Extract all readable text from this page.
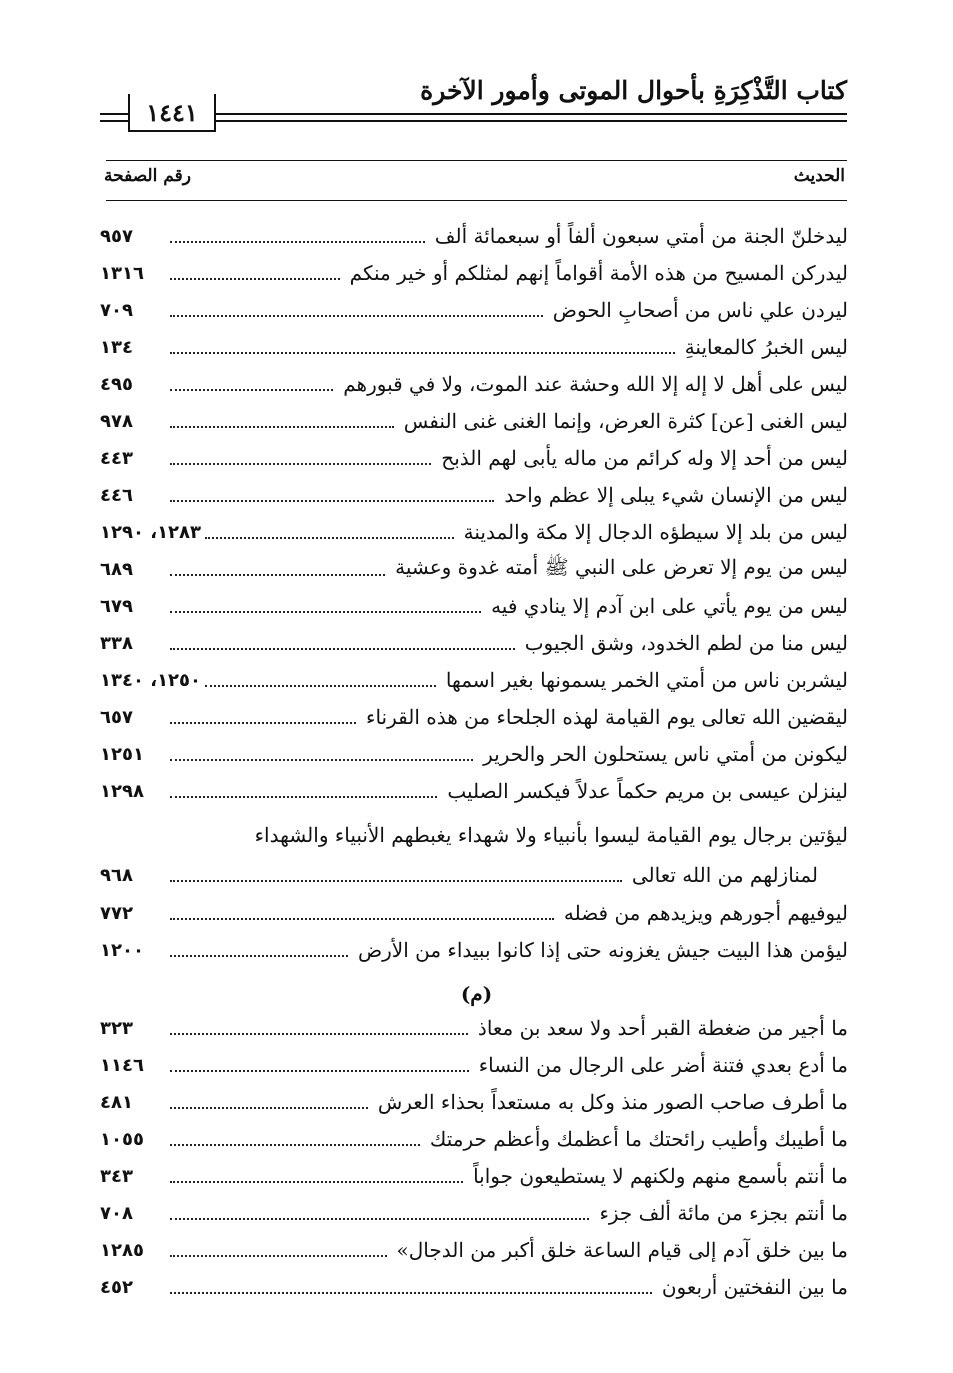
كتاب التَّذْكِرَةِ بأحوال الموتى وأمور الآخرة
١٤٤١
الحديث
رقم الصفحة
ليدخلنّ الجنة من أمتي سبعون ألفاً أو سبعمائة ألف
٩٥٧
ليدركن المسيح من هذه الأمة أقواماً إنهم لمثلكم أو خير منكم
١٣١٦
ليردن علي ناس من أصحابِ الحوض
٧٠٩
ليس الخبرُ كالمعاينةِ
١٣٤
ليس على أهل لا إله إلا الله وحشة عند الموت، ولا في قبورهم
٤٩٥
ليس الغنى [عن] كثرة العرض، وإنما الغنى غنى النفس
٩٧٨
ليس من أحد إلا وله كرائم من ماله يأبى لهم الذبح
٤٤٣
ليس من الإنسان شيء يبلى إلا عظم واحد
٤٤٦
ليس من بلد إلا سيطؤه الدجال إلا مكة والمدينة
١٢٨٣، ١٢٩٠
ليس من يوم إلا تعرض على النبي ﷺ أمته غدوة وعشية
٦٨٩
ليس من يوم يأتي على ابن آدم إلا ينادي فيه
٦٧٩
ليس منا من لطم الخدود، وشق الجيوب
٣٣٨
ليشربن ناس من أمتي الخمر يسمونها بغير اسمها
١٢٥٠، ١٣٤٠
ليقضين الله تعالى يوم القيامة لهذه الجلحاء من هذه القرناء
٦٥٧
ليكونن من أمتي ناس يستحلون الحر والحرير
١٢٥١
لينزلن عيسى بن مريم حكماً عدلاً فيكسر الصليب
١٢٩٨
ليؤتين برجال يوم القيامة ليسوا بأنبياء ولا شهداء يغبطهم الأنبياء والشهداء
لمنازلهم من الله تعالى
٩٦٨
ليوفيهم أجورهم ويزيدهم من فضله
٧٧٢
ليؤمن هذا البيت جيش يغزونه حتى إذا كانوا ببيداء من الأرض
١٢٠٠
(م)
ما أجير من ضغطة القبر أحد ولا سعد بن معاذ
٣٢٣
ما أدع بعدي فتنة أضر على الرجال من النساء
١١٤٦
ما أطرف صاحب الصور منذ وكل به مستعداً بحذاء العرش
٤٨١
ما أطيبك وأطيب رائحتك ما أعظمك وأعظم حرمتك
١٠٥٥
ما أنتم بأسمع منهم ولكنهم لا يستطيعون جواباً
٣٤٣
ما أنتم بجزء من مائة ألف جزء
٧٠٨
ما بين خلق آدم إلى قيام الساعة خلق أكبر من الدجال»
١٢٨٥
ما بين النفختين أربعون
٤٥٢
